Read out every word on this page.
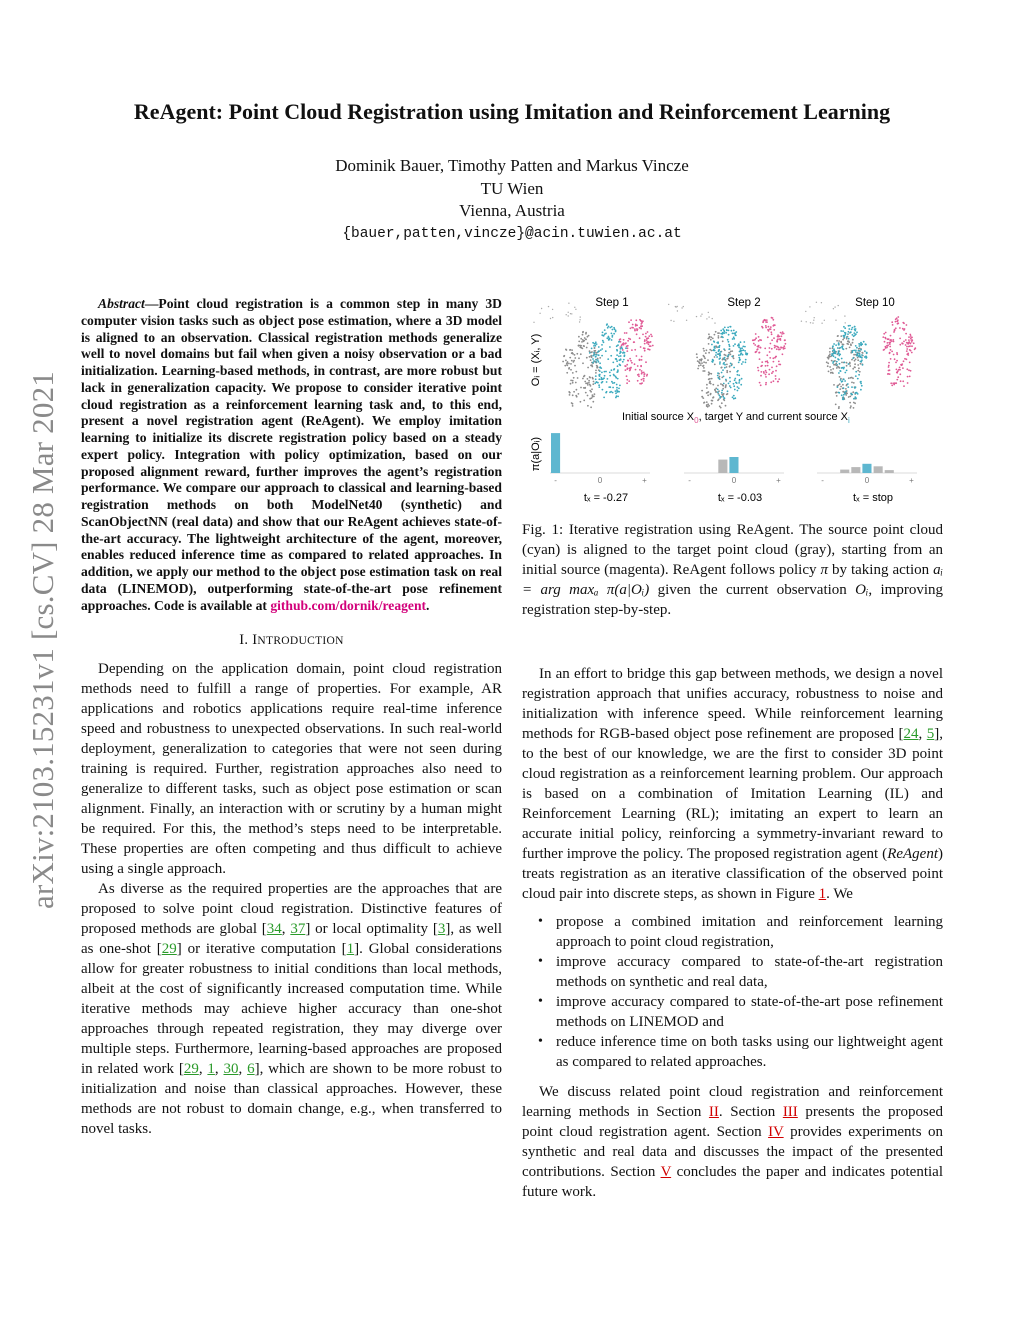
arXiv:2103.15231v1 [cs.CV] 28 Mar 2021
ReAgent: Point Cloud Registration using Imitation and Reinforcement Learning
Dominik Bauer, Timothy Patten and Markus Vincze
TU Wien
Vienna, Austria
{bauer,patten,vincze}@acin.tuwien.ac.at

Abstract—Point cloud registration is a common step in many 3D computer vision tasks such as object pose estimation, where a 3D model is aligned to an observation. Classical registration methods generalize well to novel domains but fail when given a noisy observation or a bad initialization. Learning-based methods, in contrast, are more robust but lack in generalization capacity. We propose to consider iterative point cloud registration as a reinforcement learning task and, to this end, present a novel registration agent (ReAgent). We employ imitation learning to initialize its discrete registration policy based on a steady expert policy. Integration with policy optimization, based on our proposed alignment reward, further improves the agent’s registration performance. We compare our approach to classical and learning-based registration methods on both ModelNet40 (synthetic) and ScanObjectNN (real data) and show that our ReAgent achieves state-of-the-art accuracy. The lightweight architecture of the agent, moreover, enables reduced inference time as compared to related approaches. In addition, we apply our method to the object pose estimation task on real data (LINEMOD), outperforming state-of-the-art pose refinement approaches. Code is available at github.com/dornik/reagent.

I. INTRODUCTION

Depending on the application domain, point cloud registration methods need to fulfill a range of properties. For example, AR applications and robotics applications require real-time inference speed and robustness to unexpected observations. In such real-world deployment, generalization to categories that were not seen during training is required. Further, registration approaches also need to generalize to different tasks, such as object pose estimation or scan alignment. Finally, an interaction with or scrutiny by a human might be required. For this, the method’s steps need to be interpretable. These properties are often competing and thus difficult to achieve using a single approach.

As diverse as the required properties are the approaches that are proposed to solve point cloud registration. Distinctive features of proposed methods are global [34, 37] or local optimality [3], as well as one-shot [29] or iterative computation [1]. Global considerations allow for greater robustness to initial conditions than local methods, albeit at the cost of significantly increased computation time. While iterative methods may achieve higher accuracy than one-shot approaches through repeated registration, they may diverge over multiple steps. Furthermore, learning-based approaches are proposed in related work [29, 1, 30, 6], which are shown to be more robust to initialization and noise than classical approaches. However, these methods are not robust to domain change, e.g., when transferred to novel tasks.

Step 1	Step 2	Step 10
Oᵢ = (Xᵢ, Y)
Initial source $X_0$, target Y and current source $X_i$
π(a|Oᵢ)
-	0	+
tₓ = -0.27
-	0	+
tₓ = -0.03
-	0	+
tₓ = stop
Fig. 1: Iterative registration using ReAgent. The source point cloud (cyan) is aligned to the target point cloud (gray), starting from an initial source (magenta). ReAgent follows policy π by taking action aᵢ = arg maxₐ π(a|Oᵢ) given the current observation Oᵢ, improving registration step-by-step.

In an effort to bridge this gap between methods, we design a novel registration approach that unifies accuracy, robustness to noise and initialization with inference speed. While reinforcement learning methods for RGB-based object pose refinement are proposed [24, 5], to the best of our knowledge, we are the first to consider 3D point cloud registration as a reinforcement learning problem. Our approach is based on a combination of Imitation Learning (IL) and Reinforcement Learning (RL); imitating an expert to learn an accurate initial policy, reinforcing a symmetry-invariant reward to further improve the policy. The proposed registration agent (ReAgent) treats registration as an iterative classification of the observed point cloud pair into discrete steps, as shown in Figure 1. We

• propose a combined imitation and reinforcement learning approach to point cloud registration,
• improve accuracy compared to state-of-the-art registration methods on synthetic and real data,
• improve accuracy compared to state-of-the-art pose refinement methods on LINEMOD and
• reduce inference time on both tasks using our lightweight agent as compared to related approaches.

We discuss related point cloud registration and reinforcement learning methods in Section II. Section III presents the proposed point cloud registration agent. Section IV provides experiments on synthetic and real data and discusses the impact of the presented contributions. Section V concludes the paper and indicates potential future work.
